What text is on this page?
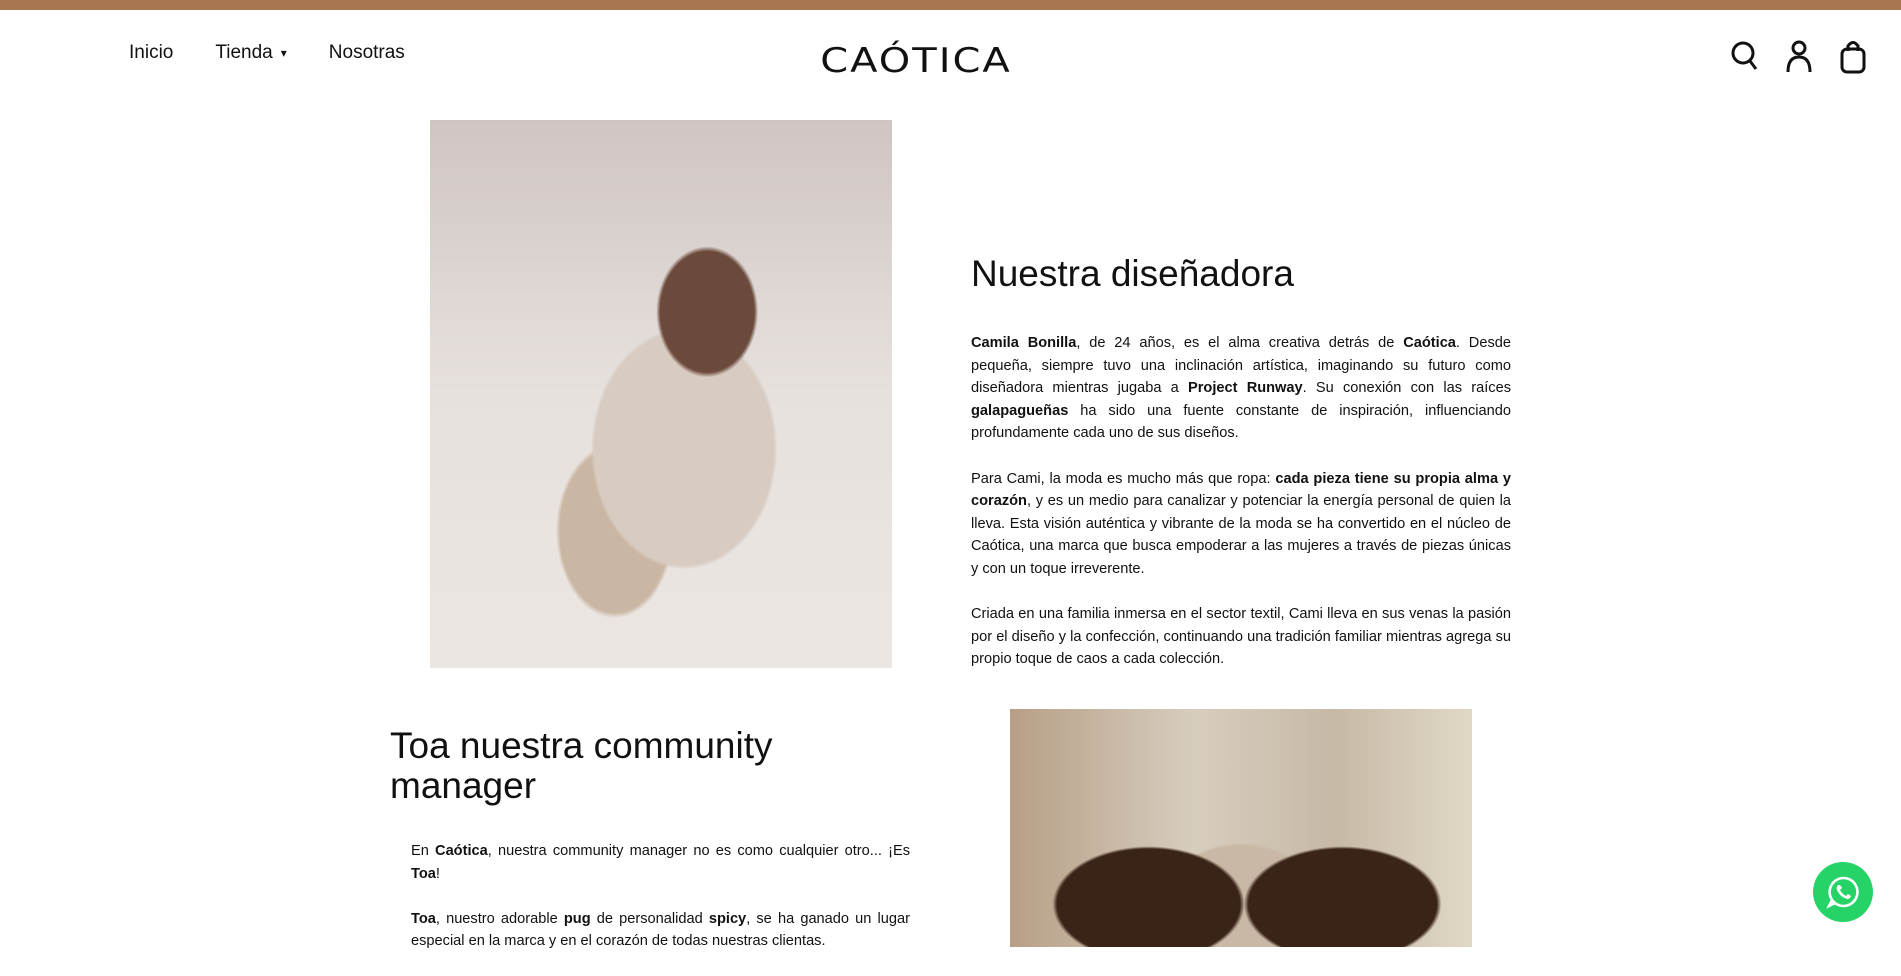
Inicio Tienda ▾ Nosotras	CAÓTICA
Nuestra diseñadora

Camila Bonilla, de 24 años, es el alma creativa detrás de Caótica. Desde pequeña, siempre tuvo una inclinación artística, imaginando su futuro como diseñadora mientras jugaba a Project Runway. Su conexión con las raíces galapagueñas ha sido una fuente constante de inspiración, influenciando profundamente cada uno de sus diseños.

Para Cami, la moda es mucho más que ropa: cada pieza tiene su propia alma y corazón, y es un medio para canalizar y potenciar la energía personal de quien la lleva. Esta visión auténtica y vibrante de la moda se ha convertido en el núcleo de Caótica, una marca que busca empoderar a las mujeres a través de piezas únicas y con un toque irreverente.

Criada en una familia inmersa en el sector textil, Cami lleva en sus venas la pasión por el diseño y la confección, continuando una tradición familiar mientras agrega su propio toque de caos a cada colección.

Toa nuestra community manager

En Caótica, nuestra community manager no es como cualquier otro... ¡Es Toa!

Toa, nuestro adorable pug de personalidad spicy, se ha ganado un lugar especial en la marca y en el corazón de todas nuestras clientas.
